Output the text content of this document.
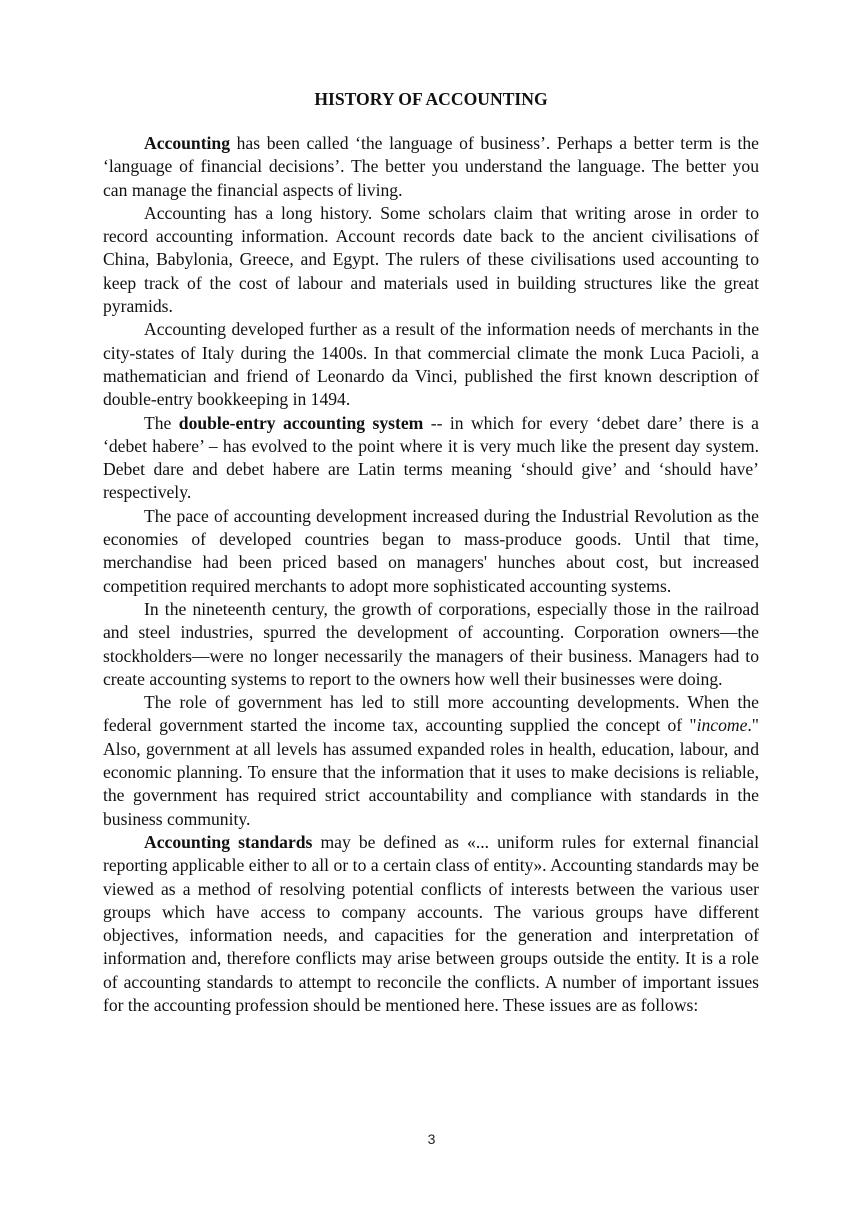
HISTORY OF ACCOUNTING

Accounting has been called ‘the language of business’. Perhaps a better term is the ‘language of financial decisions’. The better you understand the language. The better you can manage the financial aspects of living.

Accounting has a long history. Some scholars claim that writing arose in order to record accounting information. Account records date back to the ancient civilisations of China, Babylonia, Greece, and Egypt. The rulers of these civilisations used accounting to keep track of the cost of labour and materials used in building structures like the great pyramids.

Accounting developed further as a result of the information needs of merchants in the city-states of Italy during the 1400s. In that commercial climate the monk Luca Pacioli, a mathematician and friend of Leonardo da Vinci, published the first known description of double-entry bookkeeping in 1494.

The double-entry accounting system -- in which for every ‘debet dare’ there is a ‘debet habere’ – has evolved to the point where it is very much like the present day system. Debet dare and debet habere are Latin terms meaning ‘should give’ and ‘should have’ respectively.

The pace of accounting development increased during the Industrial Revolution as the economies of developed countries began to mass-produce goods. Until that time, merchandise had been priced based on managers' hunches about cost, but increased competition required merchants to adopt more sophisticated accounting systems.

In the nineteenth century, the growth of corporations, especially those in the railroad and steel industries, spurred the development of accounting. Corporation owners—the stockholders—were no longer necessarily the managers of their business. Managers had to create accounting systems to report to the owners how well their businesses were doing.

The role of government has led to still more accounting developments. When the federal government started the income tax, accounting supplied the concept of "income." Also, government at all levels has assumed expanded roles in health, education, labour, and economic planning. To ensure that the information that it uses to make decisions is reliable, the government has required strict accountability and compliance with standards in the business community.

Accounting standards may be defined as «... uniform rules for external financial reporting applicable either to all or to a certain class of entity». Accounting standards may be viewed as a method of resolving potential conflicts of interests between the various user groups which have access to company accounts. The various groups have different objectives, information needs, and capacities for the generation and interpretation of information and, therefore conflicts may arise between groups outside the entity. It is a role of accounting standards to attempt to reconcile the conflicts. A number of important issues for the accounting profession should be mentioned here. These issues are as follows:

3
